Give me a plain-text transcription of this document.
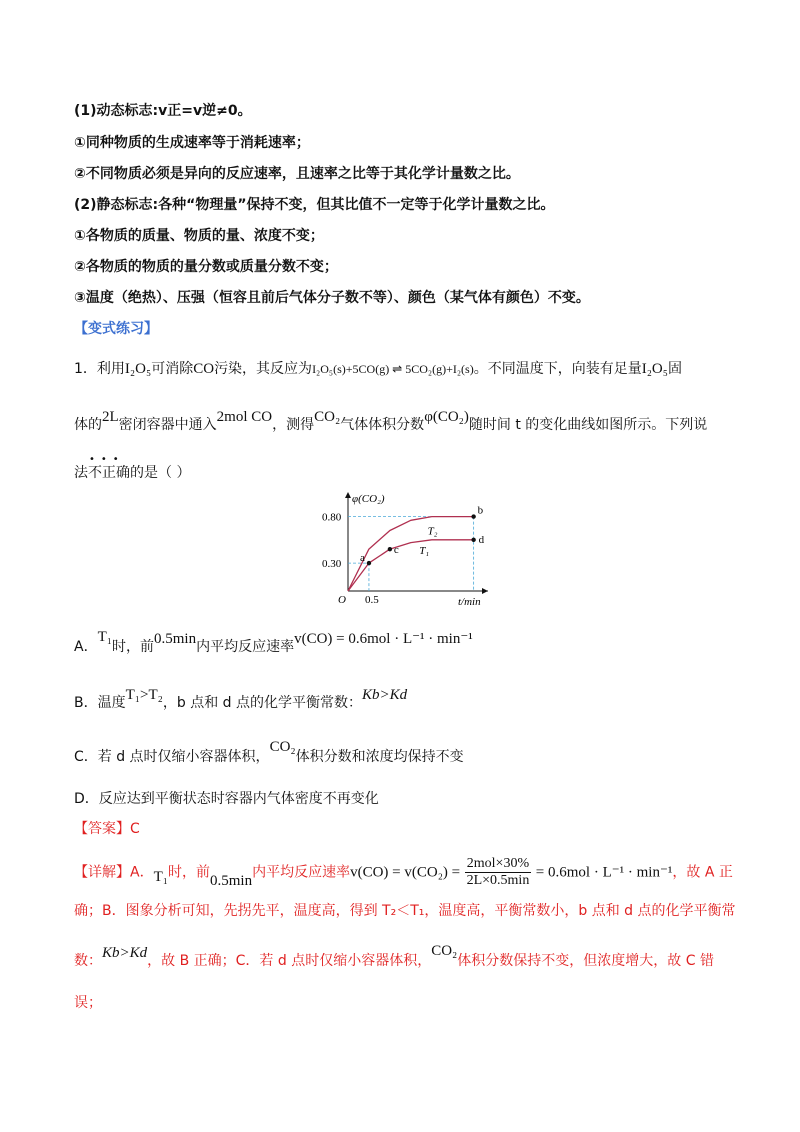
(1)动态标志:v正=v逆≠0。
①同种物质的生成速率等于消耗速率；
②不同物质必须是异向的反应速率，且速率之比等于其化学计量数之比。
(2)静态标志:各种“物理量”保持不变，但其比值不一定等于化学计量数之比。
①各物质的质量、物质的量、浓度不变；
②各物质的物质的量分数或质量分数不变；
③温度（绝热）、压强（恒容且前后气体分子数不等）、颜色（某气体有颜色）不变。
【变式练习】
1．利用I₂O₅可消除CO污染，其反应为I₂O₅(s)+5CO(g) ⇌ 5CO₂(g)+I₂(s)。不同温度下，向装有足量I₂O₅固
体的2L密闭容器中通入2mol CO，测得CO₂气体体积分数φ(CO₂)随时间 t 的变化曲线如图所示。下列说
•••
法不正确的是（ ）
φ(CO₂)
t/min
O
0.80
0.30
0.5
a
b
c
d
T₂
T₁
A．T₁时，前0.5min内平均反应速率v(CO) = 0.6mol · L⁻¹ · min⁻¹
B．温度T₁>T₂，b 点和 d 点的化学平衡常数：Kb>Kd
C．若 d 点时仅缩小容器体积，CO₂体积分数和浓度均保持不变
D．反应达到平衡状态时容器内气体密度不再变化
【答案】C
【详解】A．T₁时，前0.5min内平均反应速率$v(CO) = v(CO_2) = \frac{\text{2mol×30\%}}{2L\times 0.5\min} = 0.6mol \cdot L^{-1} \cdot \min^{-1}$，故 A 正
确；B．图象分析可知，先拐先平，温度高，得到 T₂＜T₁，温度高，平衡常数小，b 点和 d 点的化学平衡常
数：Kb>Kd，故 B 正确；C．若 d 点时仅缩小容器体积，CO₂体积分数保持不变，但浓度增大，故 C 错
误；
